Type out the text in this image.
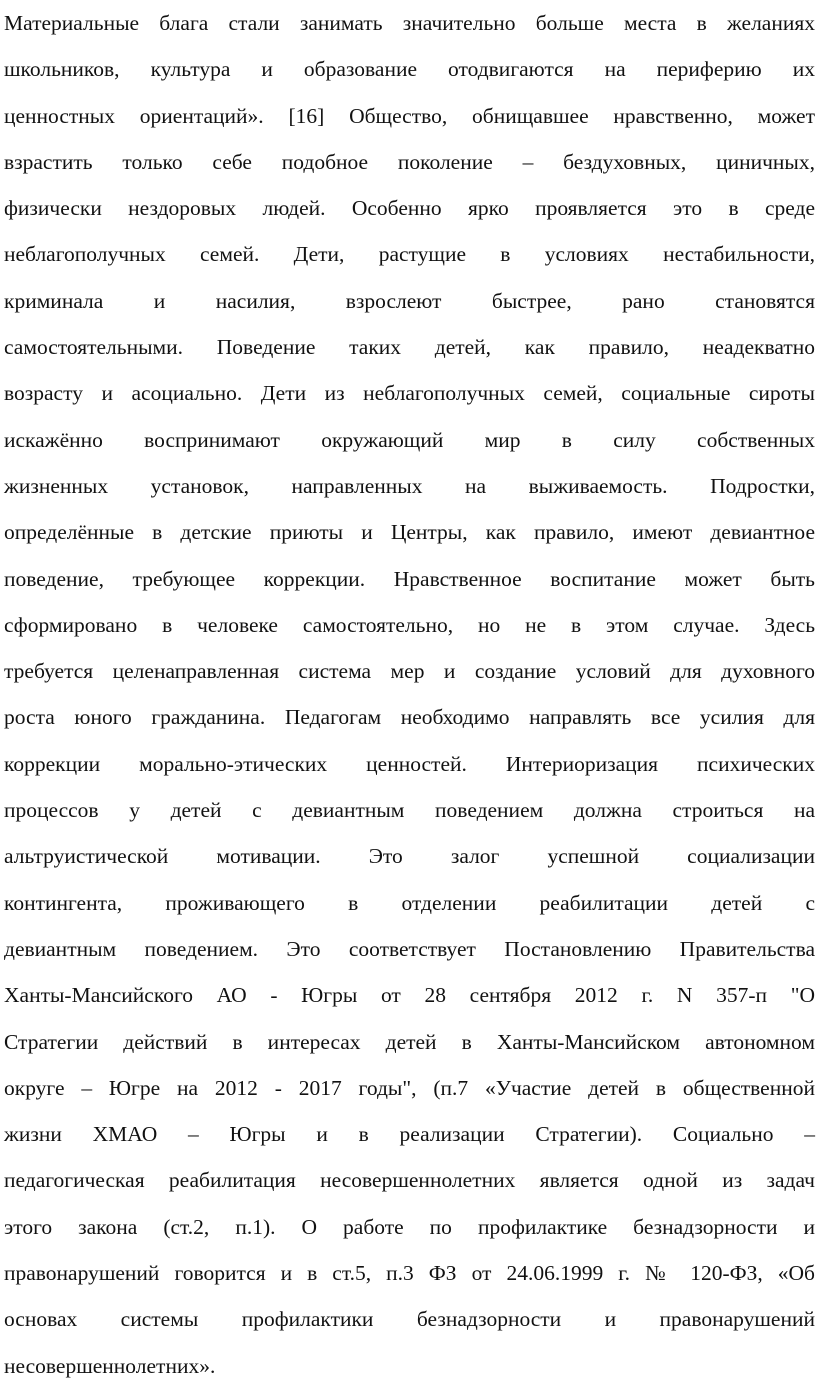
Материальные блага стали занимать значительно больше места в желаниях
школьников, культура и образование отодвигаются на периферию их
ценностных ориентаций». [16] Общество, обнищавшее нравственно, может
взрастить только себе подобное поколение – бездуховных, циничных,
физически нездоровых людей. Особенно ярко проявляется это в среде
неблагополучных семей. Дети, растущие в условиях нестабильности,
криминала и насилия, взрослеют быстрее, рано становятся
самостоятельными. Поведение таких детей, как правило, неадекватно
возрасту и асоциально. Дети из неблагополучных семей, социальные сироты
искажённо воспринимают окружающий мир в силу собственных
жизненных установок, направленных на выживаемость. Подростки,
определённые в детские приюты и Центры, как правило, имеют девиантное
поведение, требующее коррекции. Нравственное воспитание может быть
сформировано в человеке самостоятельно, но не в этом случае. Здесь
требуется целенаправленная система мер и создание условий для духовного
роста юного гражданина. Педагогам необходимо направлять все усилия для
коррекции морально-этических ценностей. Интериоризация психических
процессов у детей с девиантным поведением должна строиться на
альтруистической мотивации. Это залог успешной социализации
контингента, проживающего в отделении реабилитации детей с
девиантным поведением. Это соответствует Постановлению Правительства
Ханты-Мансийского АО - Югры от 28 сентября 2012 г. N 357-п "О
Стратегии действий в интересах детей в Ханты-Мансийском автономном
округе – Югре на 2012 - 2017 годы", (п.7 «Участие детей в общественной
жизни ХМАО – Югры и в реализации Стратегии). Социально –
педагогическая реабилитация несовершеннолетних является одной из задач
этого закона (ст.2, п.1). О работе по профилактике безнадзорности и
правонарушений говорится и в ст.5, п.3 ФЗ от 24.06.1999 г. № 120-ФЗ, «Об
основах системы профилактики безнадзорности и правонарушений
несовершеннолетних».
